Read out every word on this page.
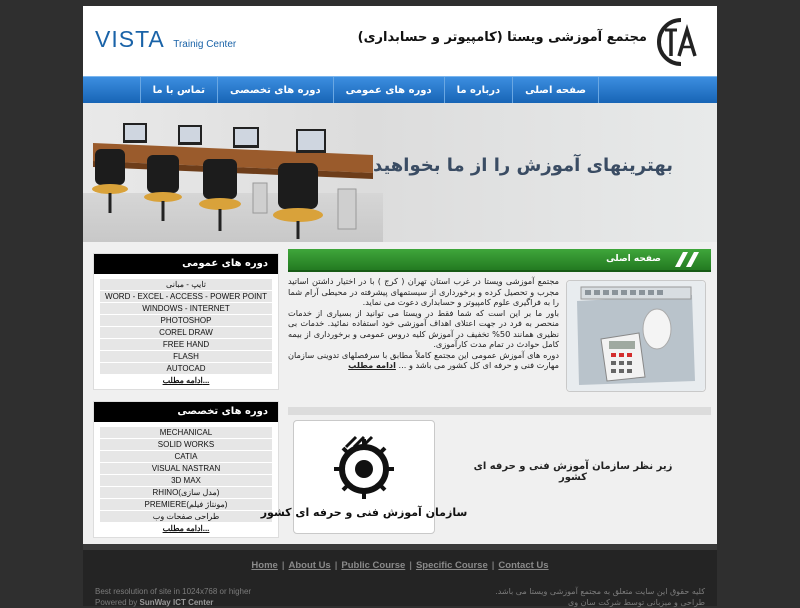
VISTA Trainig Center	مجتمع آموزشی ویستا (کامپیوتر و حسابداری)
صفحه اصلی
درباره ما
دوره های عمومی
دوره های تخصصی
تماس با ما
بهترینهای آموزش را از ما بخواهید
دوره های عمومی
تایپ - مبانی
WORD - EXCEL - ACCESS - POWER POINT
WINDOWS - INTERNET
PHOTOSHOP
COREL DRAW
FREE HAND
FLASH
AUTOCAD
ادامه مطلب...
دوره های تخصصی
MECHANICAL
SOLID WORKS
CATIA
VISUAL NASTRAN
3D MAX
RHINO(مدل سازی)
PREMIERE(مونتاژ فیلم)
طراحی صفحات وب
ادامه مطلب...
صفحه اصلی
مجتمع آموزشی ویستا در غرب استان تهران ( کرج ) با در اختیار داشتن اساتید مجرب و تحصیل کرده و برخورداری از سیستمهای پیشرفته در محیطی آرام شما را به فراگیری علوم کامپیوتر و حسابداری دعوت می نماید.
باور ما بر این است که شما فقط در ویستا می توانید از بسیاری از خدمات منحصر به فرد در جهت اعتلای اهداف آموزشی خود استفاده نمائید. خدمات بی نظیری همانند 50% تخفیف در آموزش کلیه دروس عمومی و برخورداری از بیمه کامل حوادث در تمام مدت کارآموزی.
دوره های آموزش عمومی این مجتمع کاملاً مطابق با سرفصلهای تدوینی سازمان مهارت فنی و حرفه ای کل کشور می باشد و ... ادامه مطلب
سازمان آموزش فنی و حرفه ای کشور
زیر نظر سازمان آموزش فنی و حرفه ای کشور
Home | About Us | Public Course | Specific Course | Contact Us
Best resolution of site in 1024x768 or higher
Powered by SunWay ICT Center
کلیه حقوق این سایت متعلق به مجتمع آموزشی ویستا می باشد.
طراحی و میزبانی توسط شرکت سان وی
